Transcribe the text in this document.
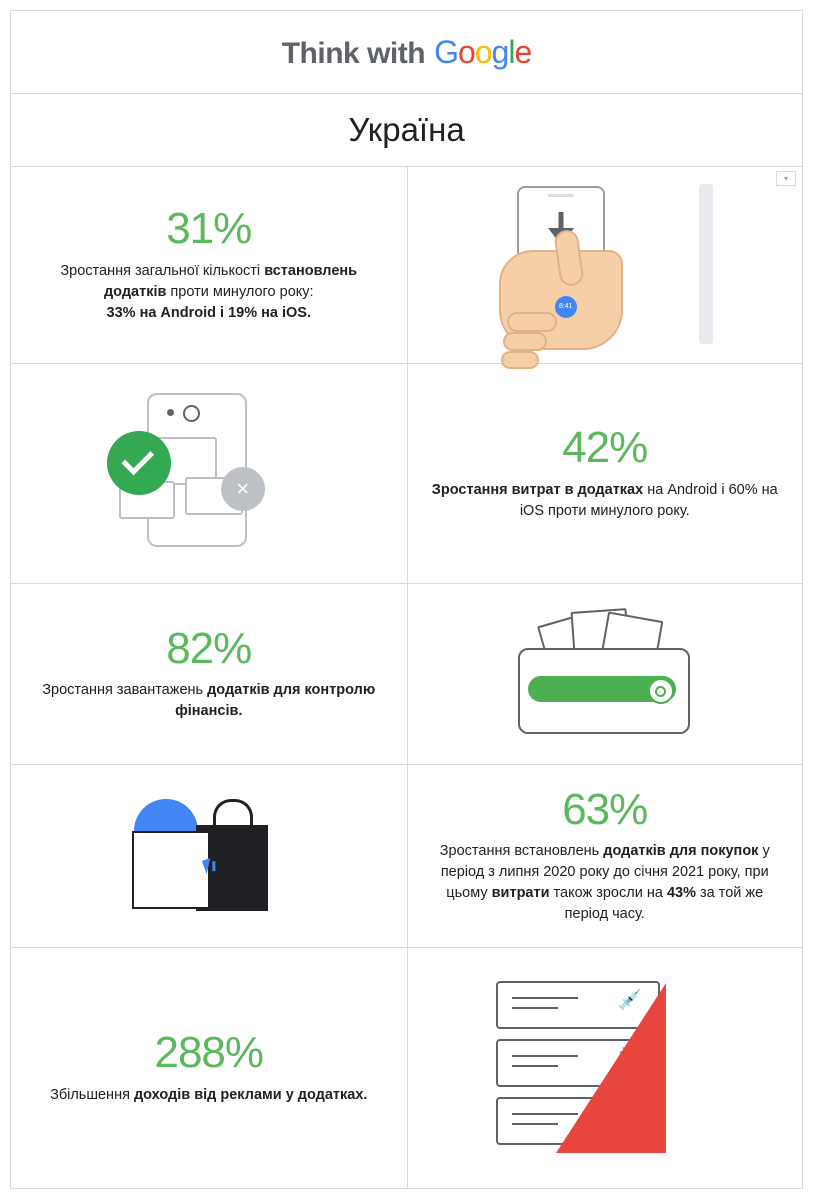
Think with Google
Україна
31%
Зростання загальної кількості встановлень додатків проти минулого року:
33% на Android і 19% на iOS.
▾
8:41
×
42%
Зростання витрат в додатках на Android і 60% на iOS проти минулого року.
82%
Зростання завантажень додатків для контролю фінансів.
63%
Зростання встановлень додатків для покупок у період з липня 2020 року до січня 2021 року, при цьому витрати також зросли на 43% за той же період часу.
288%
Збільшення доходів від реклами у додатках.
💉
🔧
👕
